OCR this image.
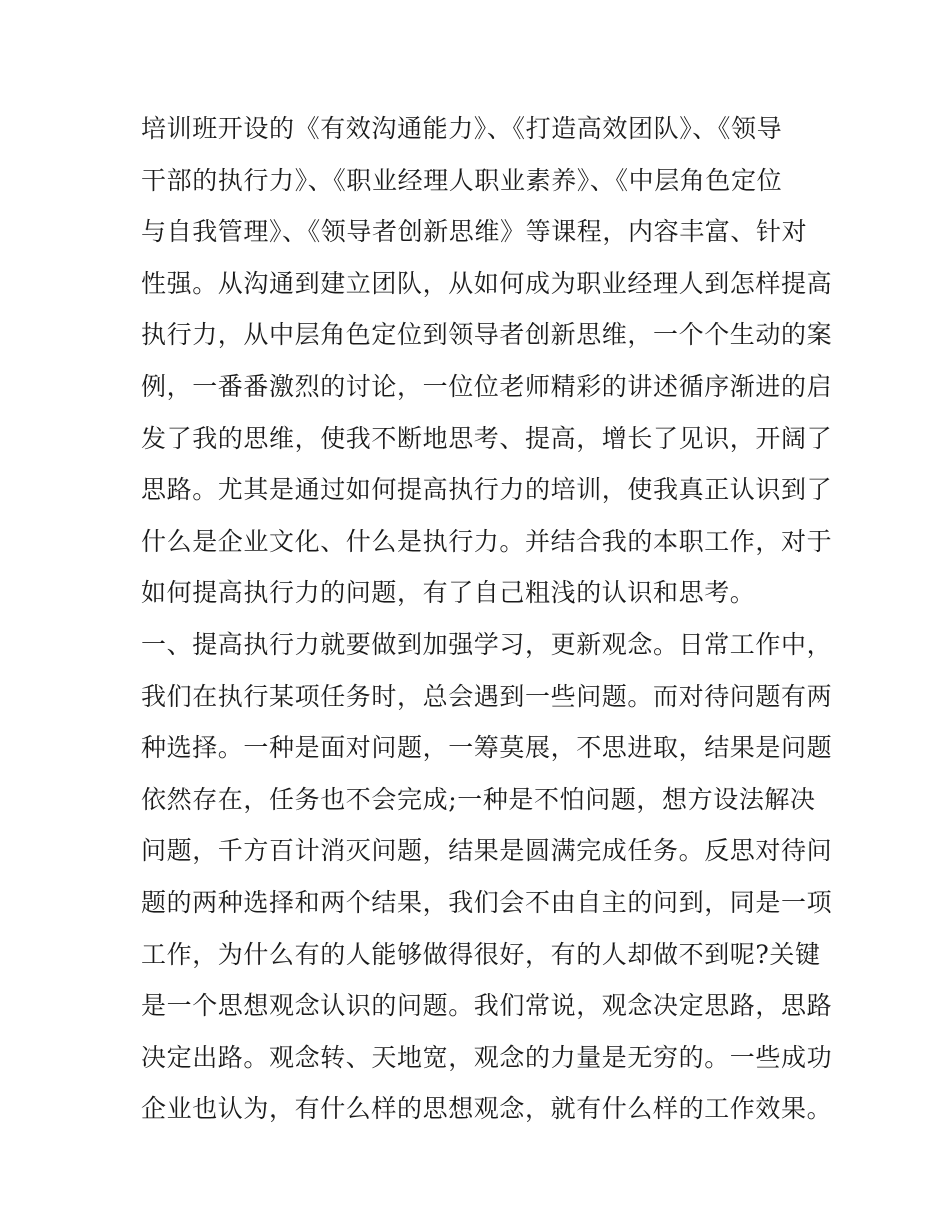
培训班开设的《有效沟通能力》、《打造高效团队》、《领导
干部的执行力》、《职业经理人职业素养》、《中层角色定位
与自我管理》、《领导者创新思维》等课程，内容丰富、针对
性强。从沟通到建立团队，从如何成为职业经理人到怎样提高
执行力，从中层角色定位到领导者创新思维，一个个生动的案
例，一番番激烈的讨论，一位位老师精彩的讲述循序渐进的启
发了我的思维，使我不断地思考、提高，增长了见识，开阔了
思路。尤其是通过如何提高执行力的培训，使我真正认识到了
什么是企业文化、什么是执行力。并结合我的本职工作，对于
如何提高执行力的问题，有了自己粗浅的认识和思考。
一、提高执行力就要做到加强学习，更新观念。日常工作中，
我们在执行某项任务时，总会遇到一些问题。而对待问题有两
种选择。一种是面对问题，一筹莫展，不思进取，结果是问题
依然存在，任务也不会完成;一种是不怕问题，想方设法解决
问题，千方百计消灭问题，结果是圆满完成任务。反思对待问
题的两种选择和两个结果，我们会不由自主的问到，同是一项
工作，为什么有的人能够做得很好，有的人却做不到呢?关键
是一个思想观念认识的问题。我们常说，观念决定思路，思路
决定出路。观念转、天地宽，观念的力量是无穷的。一些成功
企业也认为，有什么样的思想观念，就有什么样的工作效果。
